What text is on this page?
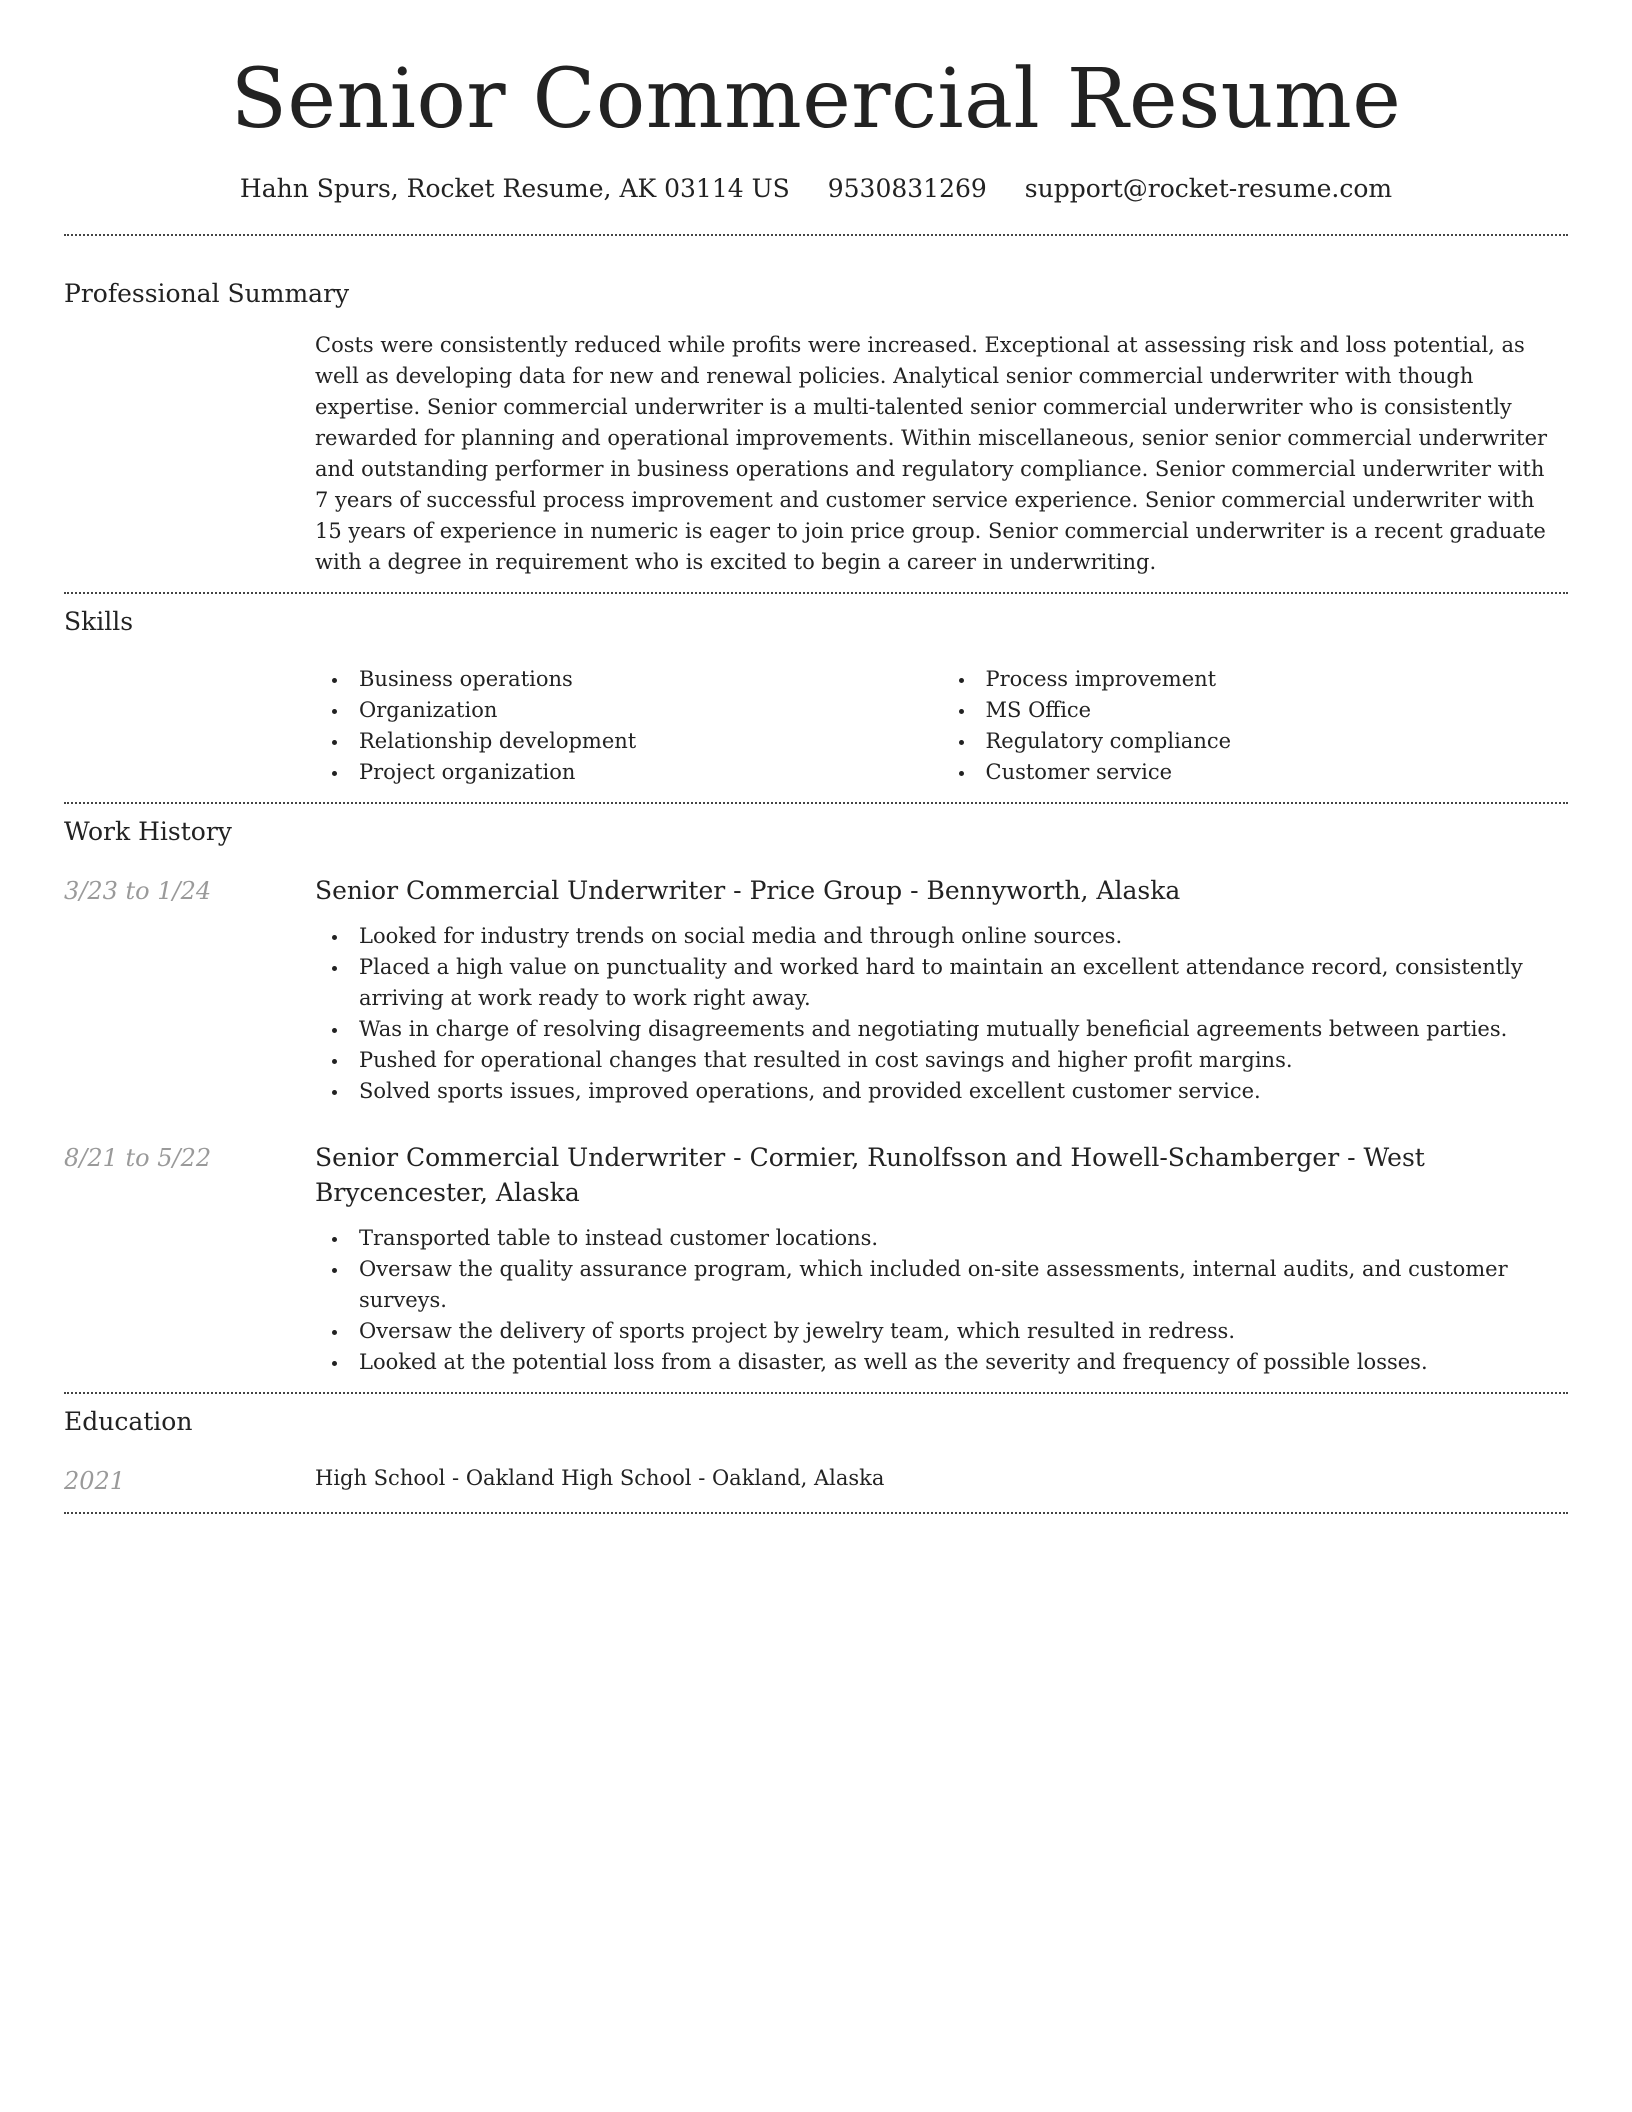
Senior Commercial Resume
Hahn Spurs, Rocket Resume, AK 03114 US 9530831269 support@rocket-resume.com
Professional Summary

Costs were consistently reduced while profits were increased. Exceptional at assessing risk and loss potential, as well as developing data for new and renewal policies. Analytical senior commercial underwriter with though expertise. Senior commercial underwriter is a multi-talented senior commercial underwriter who is consistently rewarded for planning and operational improvements. Within miscellaneous, senior senior commercial underwriter and outstanding performer in business operations and regulatory compliance. Senior commercial underwriter with 7 years of successful process improvement and customer service experience. Senior commercial underwriter with 15 years of experience in numeric is eager to join price group. Senior commercial underwriter is a recent graduate with a degree in requirement who is excited to begin a career in underwriting.

Skills
Business operations
Organization
Relationship development
Project organization
Process improvement
MS Office
Regulatory compliance
Customer service
Work History
3/23 to 1/24	Senior Commercial Underwriter - Price Group - Bennyworth, Alaska
Looked for industry trends on social media and through online sources.
Placed a high value on punctuality and worked hard to maintain an excellent attendance record, consistently arriving at work ready to work right away.
Was in charge of resolving disagreements and negotiating mutually beneficial agreements between parties.
Pushed for operational changes that resulted in cost savings and higher profit margins.
Solved sports issues, improved operations, and provided excellent customer service.
8/21 to 5/22	Senior Commercial Underwriter - Cormier, Runolfsson and Howell-Schamberger - West Brycencester, Alaska
Transported table to instead customer locations.
Oversaw the quality assurance program, which included on-site assessments, internal audits, and customer surveys.
Oversaw the delivery of sports project by jewelry team, which resulted in redress.
Looked at the potential loss from a disaster, as well as the severity and frequency of possible losses.
Education
2021	High School - Oakland High School - Oakland, Alaska
